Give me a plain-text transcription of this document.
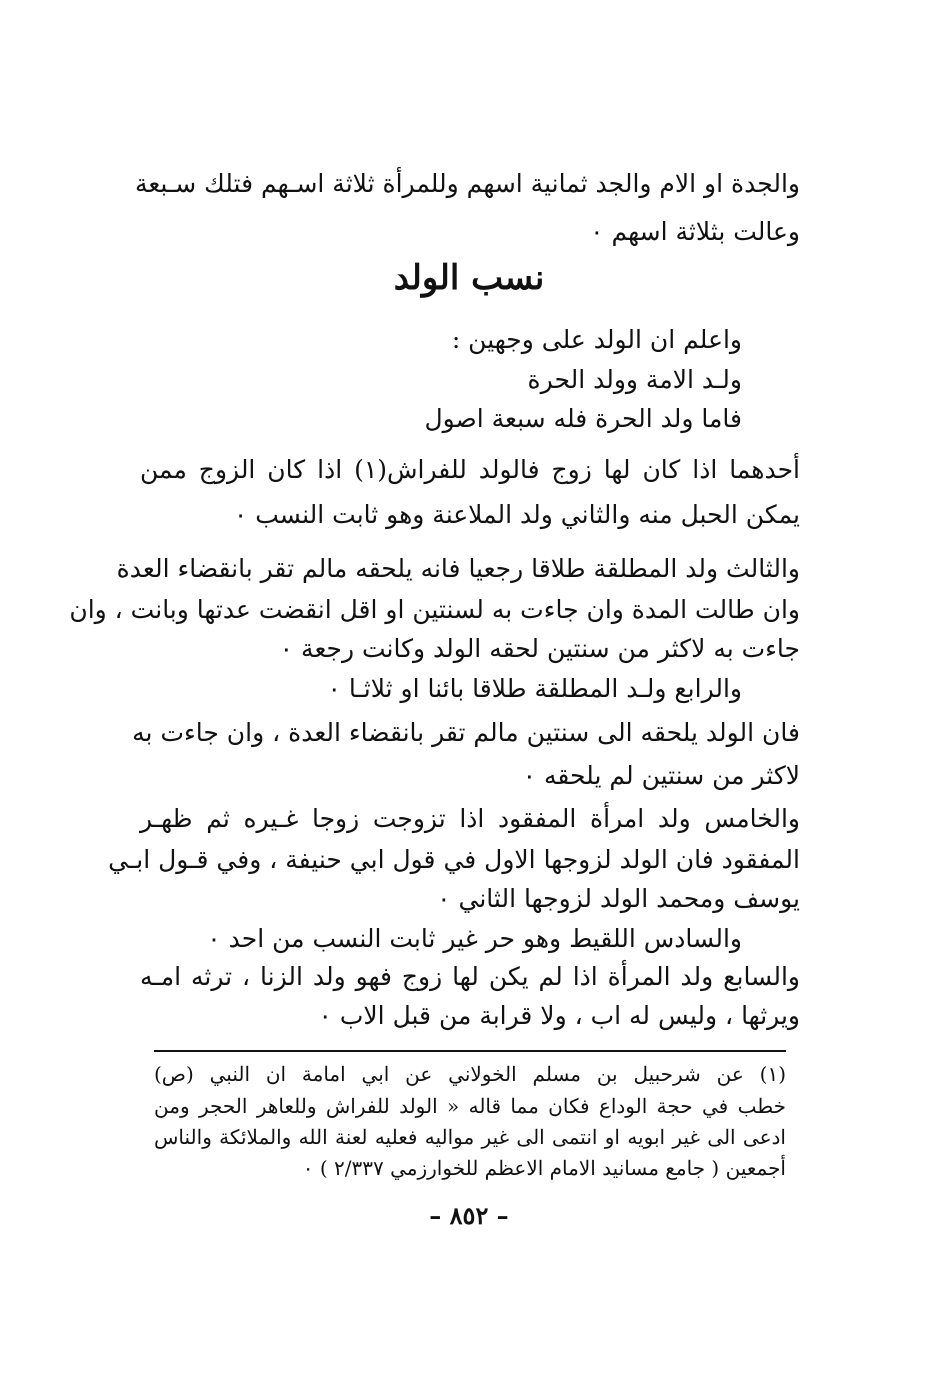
والجدة او الام والجد ثمانية اسهم وللمرأة ثلاثة اسـهم فتلك سـبعة
وعالت بثلاثة اسهم ٠
نسب الولد
واعلم ان الولد على وجهين :
ولـد الامة وولد الحرة
فاما ولد الحرة فله سبعة اصول
أحدهما اذا كان لها زوج فالولد للفراش(١) اذا كان الزوج ممن
يمكن الحبل منه والثاني ولد الملاعنة وهو ثابت النسب ٠
والثالث ولد المطلقة طلاقا رجعيا فانه يلحقه مالم تقر بانقضاء العدة
وان طالت المدة وان جاءت به لسنتين او اقل انقضت عدتها وبانت ، وان
جاءت به لاكثر من سنتين لحقه الولد وكانت رجعة ٠
والرابع ولـد المطلقة طلاقا بائنا او ثلاثـا ٠
فان الولد يلحقه الى سنتين مالم تقر بانقضاء العدة ، وان جاءت به
لاكثر من سنتين لم يلحقه ٠
والخامس ولد امرأة المفقود اذا تزوجت زوجا غـيره ثم ظهـر
المفقود فان الولد لزوجها الاول في قول ابي حنيفة ، وفي قـول ابـي
يوسف ومحمد الولد لزوجها الثاني ٠
والسادس اللقيط وهو حر غير ثابت النسب من احد ٠
والسابع ولد المرأة اذا لم يكن لها زوج فهو ولد الزنا ، ترثه امـه
ويرثها ، وليس له اب ، ولا قرابة من قبل الاب ٠
(١) عن شرحبيل بن مسلم الخولاني عن ابي امامة ان النبي (ص)
خطب في حجة الوداع فكان مما قاله « الولد للفراش وللعاهر الحجر ومن
ادعى الى غير ابويه او انتمى الى غير مواليه فعليه لعنة الله والملائكة والناس
أجمعين ( جامع مسانيد الامام الاعظم للخوارزمي ٢/٣٣٧ ) ٠
– ٨٥٢ –
